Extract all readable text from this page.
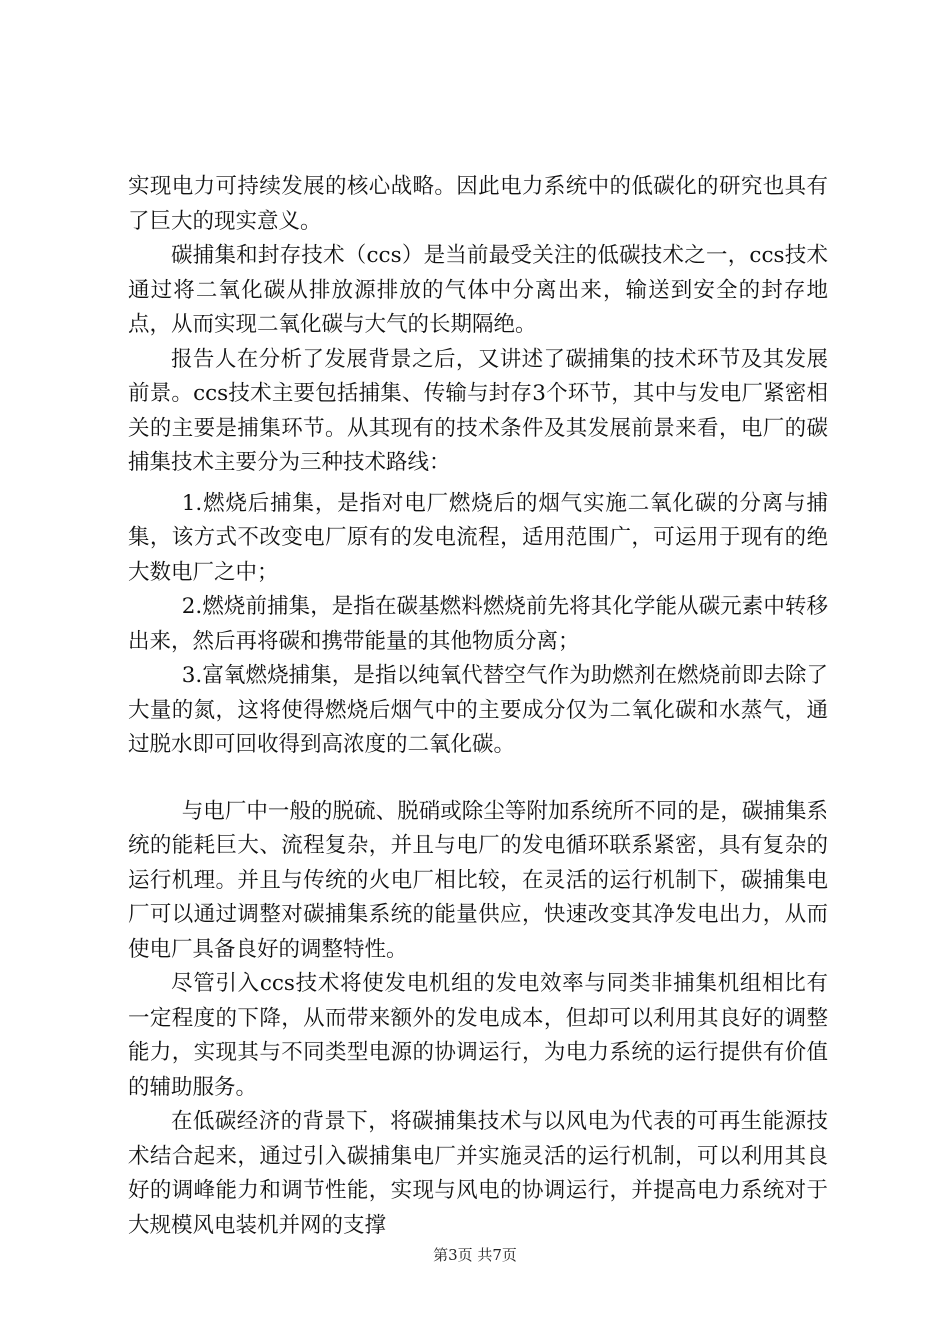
实现电力可持续发展的核心战略。因此电力系统中的低碳化的研究也具有了巨大的现实意义。

碳捕集和封存技术（ccs）是当前最受关注的低碳技术之一，ccs技术通过将二氧化碳从排放源排放的气体中分离出来，输送到安全的封存地点，从而实现二氧化碳与大气的长期隔绝。

报告人在分析了发展背景之后，又讲述了碳捕集的技术环节及其发展前景。ccs技术主要包括捕集、传输与封存3个环节，其中与发电厂紧密相关的主要是捕集环节。从其现有的技术条件及其发展前景来看，电厂的碳捕集技术主要分为三种技术路线：

1.燃烧后捕集，是指对电厂燃烧后的烟气实施二氧化碳的分离与捕集，该方式不改变电厂原有的发电流程，适用范围广，可运用于现有的绝大数电厂之中；

2.燃烧前捕集，是指在碳基燃料燃烧前先将其化学能从碳元素中转移出来，然后再将碳和携带能量的其他物质分离；

3.富氧燃烧捕集，是指以纯氧代替空气作为助燃剂在燃烧前即去除了大量的氮，这将使得燃烧后烟气中的主要成分仅为二氧化碳和水蒸气，通过脱水即可回收得到高浓度的二氧化碳。

与电厂中一般的脱硫、脱硝或除尘等附加系统所不同的是，碳捕集系统的能耗巨大、流程复杂，并且与电厂的发电循环联系紧密，具有复杂的运行机理。并且与传统的火电厂相比较，在灵活的运行机制下，碳捕集电厂可以通过调整对碳捕集系统的能量供应，快速改变其净发电出力，从而使电厂具备良好的调整特性。

尽管引入ccs技术将使发电机组的发电效率与同类非捕集机组相比有一定程度的下降，从而带来额外的发电成本，但却可以利用其良好的调整能力，实现其与不同类型电源的协调运行，为电力系统的运行提供有价值的辅助服务。

在低碳经济的背景下，将碳捕集技术与以风电为代表的可再生能源技术结合起来，通过引入碳捕集电厂并实施灵活的运行机制，可以利用其良好的调峰能力和调节性能，实现与风电的协调运行，并提高电力系统对于大规模风电装机并网的支撑

第3页 共7页
